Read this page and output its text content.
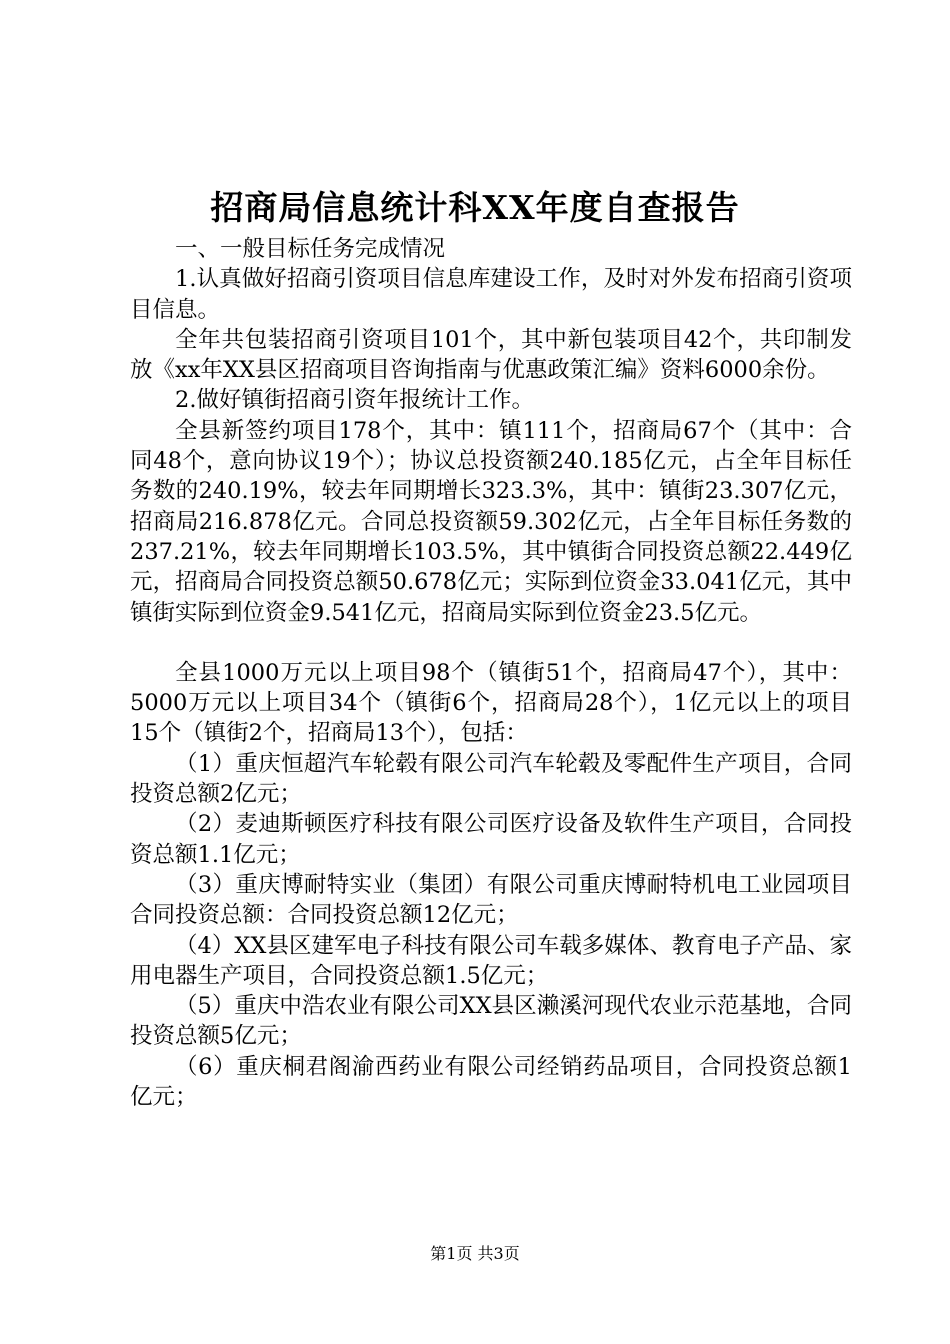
招商局信息统计科XX年度自查报告

一、一般目标任务完成情况

1.认真做好招商引资项目信息库建设工作，及时对外发布招商引资项目信息。

全年共包装招商引资项目101个，其中新包装项目42个，共印制发放《xx年XX县区招商项目咨询指南与优惠政策汇编》资料6000余份。

2.做好镇街招商引资年报统计工作。

全县新签约项目178个，其中：镇111个，招商局67个（其中：合同48个，意向协议19个）；协议总投资额240.185亿元，占全年目标任务数的240.19%，较去年同期增长323.3%，其中：镇街23.307亿元，招商局216.878亿元。合同总投资额59.302亿元，占全年目标任务数的237.21%，较去年同期增长103.5%，其中镇街合同投资总额22.449亿元，招商局合同投资总额50.678亿元；实际到位资金33.041亿元，其中镇街实际到位资金9.541亿元，招商局实际到位资金23.5亿元。

全县1000万元以上项目98个（镇街51个，招商局47个），其中：5000万元以上项目34个（镇街6个，招商局28个），1亿元以上的项目15个（镇街2个，招商局13个），包括：

（1）重庆恒超汽车轮毂有限公司汽车轮毂及零配件生产项目，合同投资总额2亿元；

（2）麦迪斯顿医疗科技有限公司医疗设备及软件生产项目，合同投资总额1.1亿元；

（3）重庆博耐特实业（集团）有限公司重庆博耐特机电工业园项目合同投资总额：合同投资总额12亿元；

（4）XX县区建军电子科技有限公司车载多媒体、教育电子产品、家用电器生产项目，合同投资总额1.5亿元；

（5）重庆中浩农业有限公司XX县区濑溪河现代农业示范基地，合同投资总额5亿元；

（6）重庆桐君阁渝西药业有限公司经销药品项目，合同投资总额1亿元；

第1页 共3页
